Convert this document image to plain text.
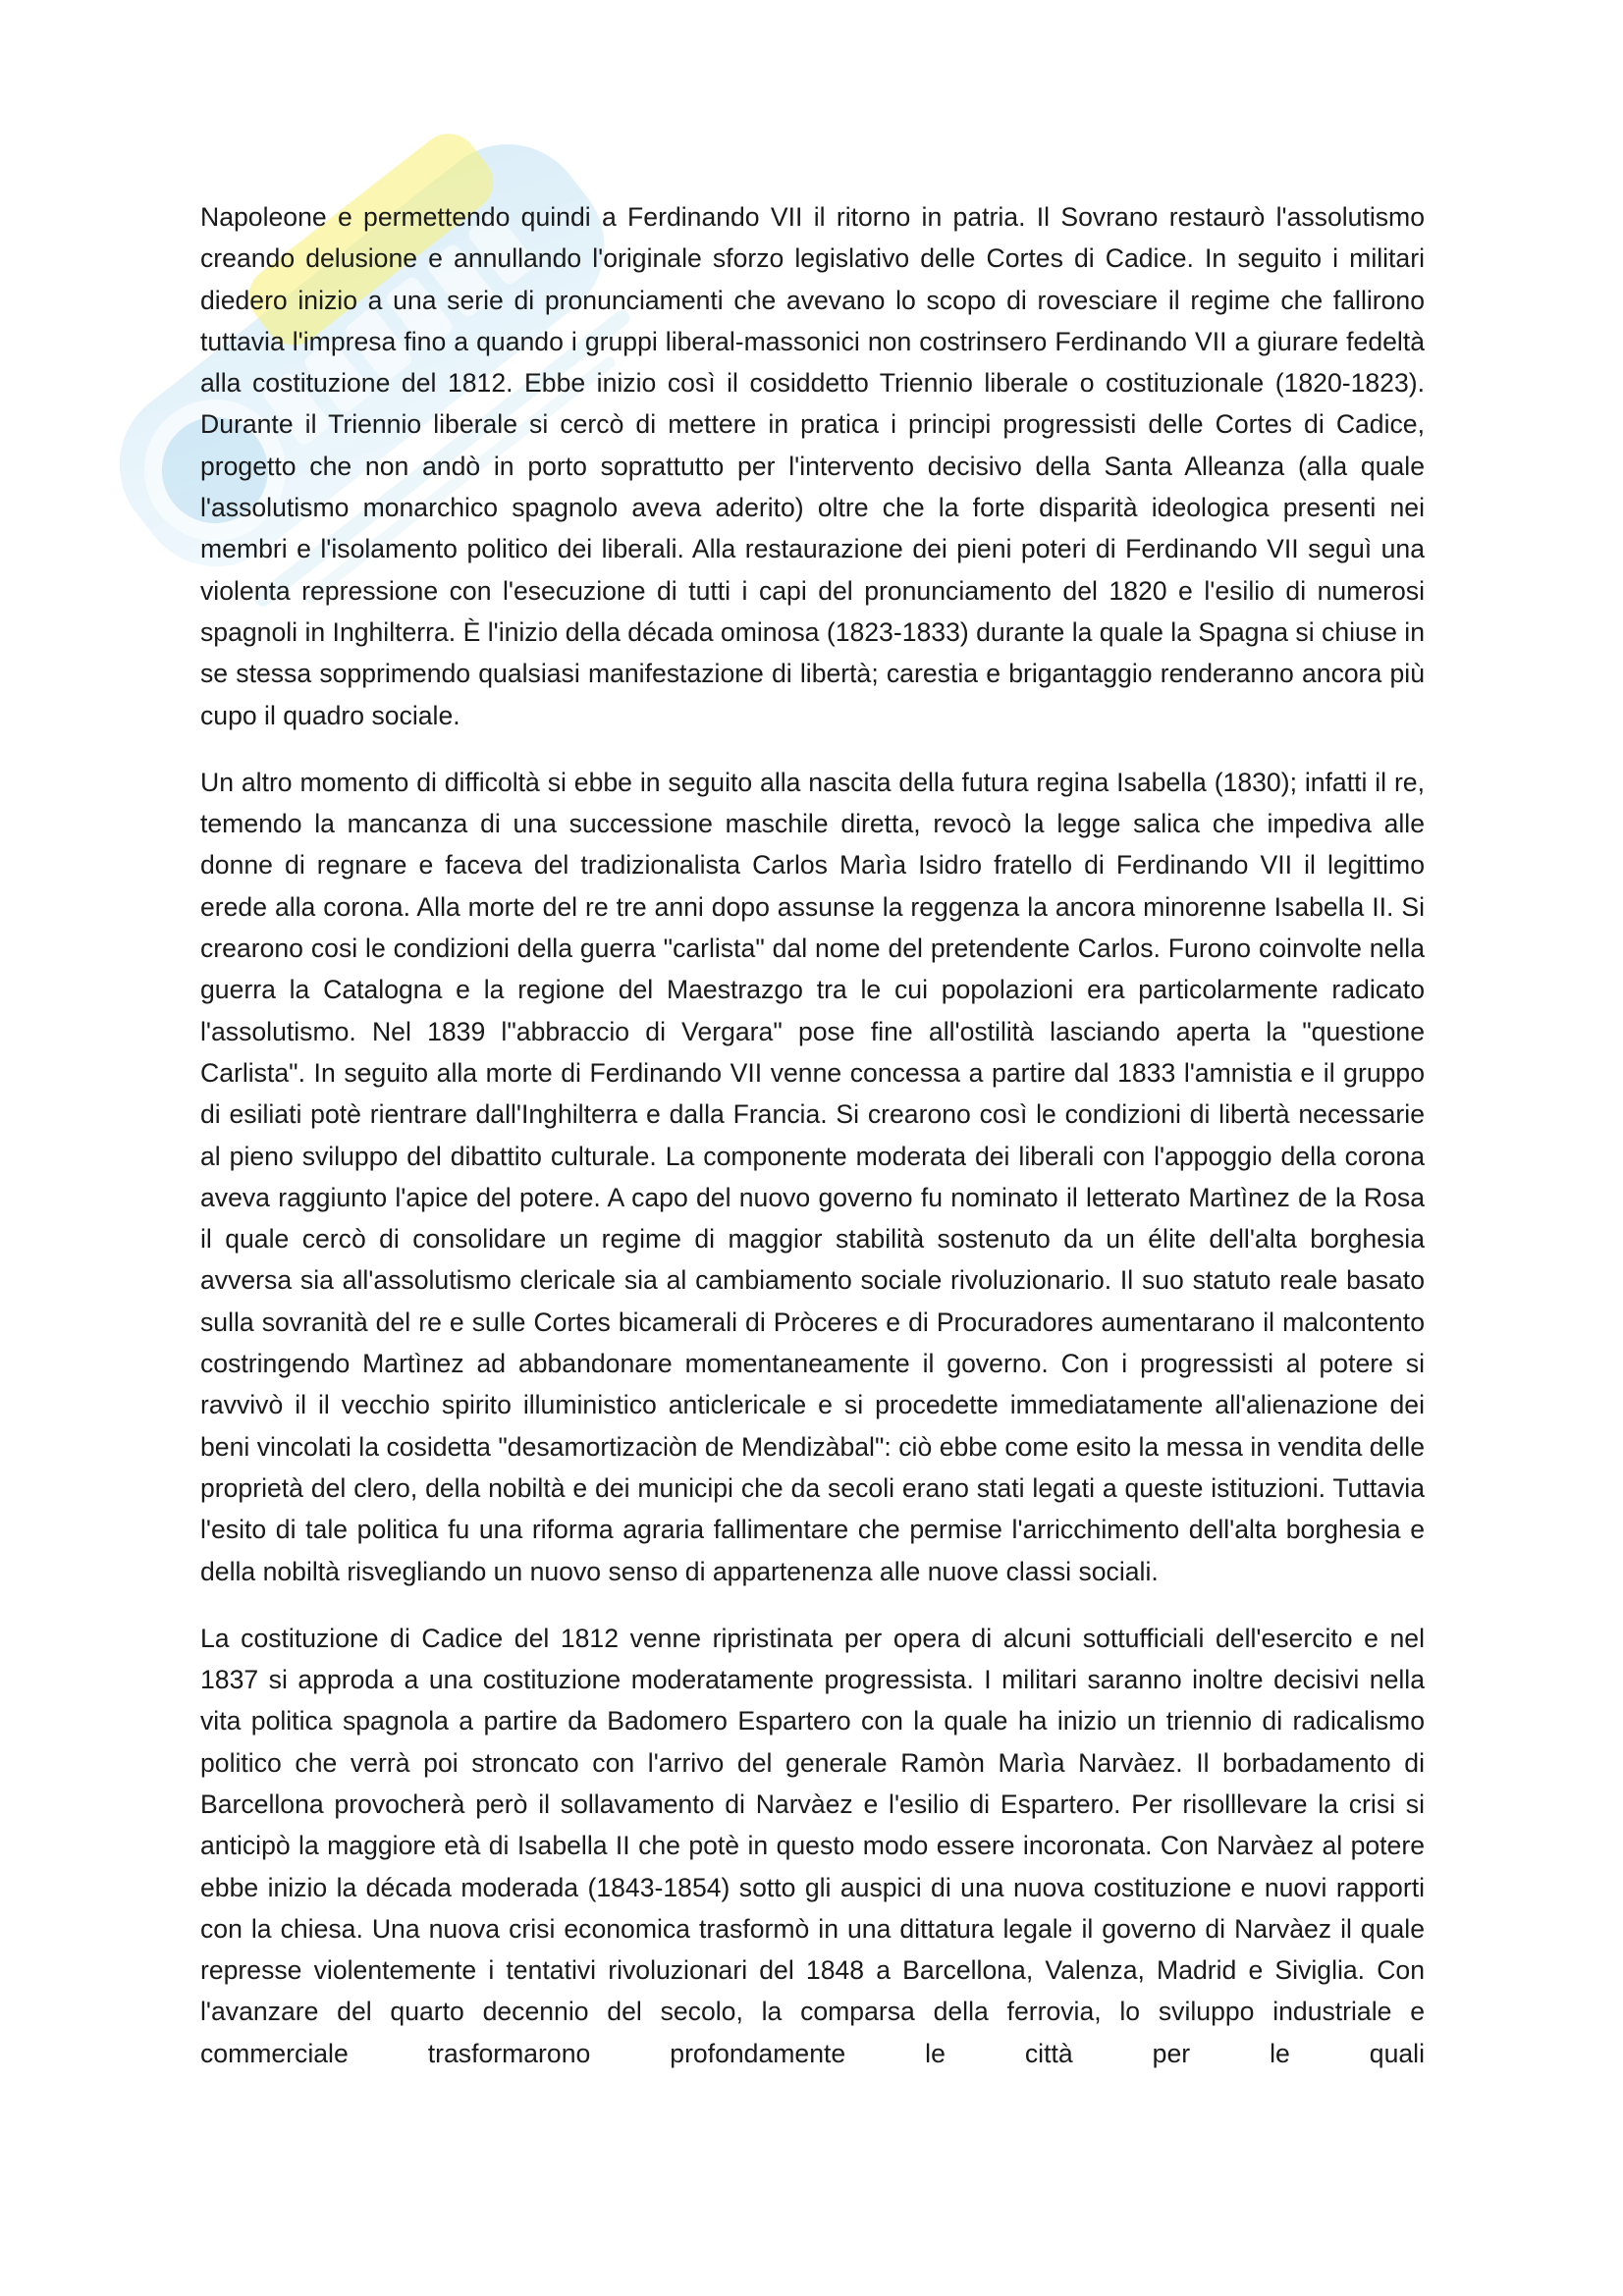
Napoleone e permettendo quindi a Ferdinando VII il ritorno in patria. Il Sovrano restaurò l'assolutismo creando delusione e annullando l'originale sforzo legislativo delle Cortes di Cadice. In seguito i militari diedero inizio a una serie di pronunciamenti che avevano lo scopo di rovesciare il regime che fallirono tuttavia l'impresa fino a quando i gruppi liberal-massonici non costrinsero Ferdinando VII a giurare fedeltà alla costituzione del 1812. Ebbe inizio così il cosiddetto Triennio liberale o costituzionale (1820-1823). Durante il Triennio liberale si cercò di mettere in pratica i principi progressisti delle Cortes di Cadice, progetto che non andò in porto soprattutto per l'intervento decisivo della Santa Alleanza (alla quale l'assolutismo monarchico spagnolo aveva aderito) oltre che la forte disparità ideologica presenti nei membri e l'isolamento politico dei liberali. Alla restaurazione dei pieni poteri di Ferdinando VII seguì una violenta repressione con l'esecuzione di tutti i capi del pronunciamento del 1820 e l'esilio di numerosi spagnoli in Inghilterra. È l'inizio della década ominosa (1823-1833) durante la quale la Spagna si chiuse in se stessa sopprimendo qualsiasi manifestazione di libertà; carestia e brigantaggio renderanno ancora più cupo il quadro sociale.

Un altro momento di difficoltà si ebbe in seguito alla nascita della futura regina Isabella (1830); infatti il re, temendo la mancanza di una successione maschile diretta, revocò la legge salica che impediva alle donne di regnare e faceva del tradizionalista Carlos Marìa Isidro fratello di Ferdinando VII il legittimo erede alla corona. Alla morte del re tre anni dopo assunse la reggenza la ancora minorenne Isabella II. Si crearono cosi le condizioni della guerra "carlista" dal nome del pretendente Carlos. Furono coinvolte nella guerra la Catalogna e la regione del Maestrazgo tra le cui popolazioni era particolarmente radicato l'assolutismo. Nel 1839 l"abbraccio di Vergara" pose fine all'ostilità lasciando aperta la "questione Carlista". In seguito alla morte di Ferdinando VII venne concessa a partire dal 1833 l'amnistia e il gruppo di esiliati potè rientrare dall'Inghilterra e dalla Francia. Si crearono così le condizioni di libertà necessarie al pieno sviluppo del dibattito culturale. La componente moderata dei liberali con l'appoggio della corona aveva raggiunto l'apice del potere. A capo del nuovo governo fu nominato il letterato Martìnez de la Rosa il quale cercò di consolidare un regime di maggior stabilità sostenuto da un élite dell'alta borghesia avversa sia all'assolutismo clericale sia al cambiamento sociale rivoluzionario. Il suo statuto reale basato sulla sovranità del re e sulle Cortes bicamerali di Pròceres e di Procuradores aumentarano il malcontento costringendo Martìnez ad abbandonare momentaneamente il governo. Con i progressisti al potere si ravvivò il il vecchio spirito illuministico anticlericale e si procedette immediatamente all'alienazione dei beni vincolati la cosidetta "desamortizaciòn de Mendizàbal": ciò ebbe come esito la messa in vendita delle proprietà del clero, della nobiltà e dei municipi che da secoli erano stati legati a queste istituzioni. Tuttavia l'esito di tale politica fu una riforma agraria fallimentare che permise l'arricchimento dell'alta borghesia e della nobiltà risvegliando un nuovo senso di appartenenza alle nuove classi sociali.

La costituzione di Cadice del 1812 venne ripristinata per opera di alcuni sottufficiali dell'esercito e nel 1837 si approda a una costituzione moderatamente progressista. I militari saranno inoltre decisivi nella vita politica spagnola a partire da Badomero Espartero con la quale ha inizio un triennio di radicalismo politico che verrà poi stroncato con l'arrivo del generale Ramòn Marìa Narvàez. Il borbadamento di Barcellona provocherà però il sollavamento di Narvàez e l'esilio di Espartero. Per risolllevare la crisi si anticipò la maggiore età di Isabella II che potè in questo modo essere incoronata. Con Narvàez al potere ebbe inizio la década moderada (1843-1854) sotto gli auspici di una nuova costituzione e nuovi rapporti con la chiesa. Una nuova crisi economica trasformò in una dittatura legale il governo di Narvàez il quale represse violentemente i tentativi rivoluzionari del 1848 a Barcellona, Valenza, Madrid e Siviglia. Con l'avanzare del quarto decennio del secolo, la comparsa della ferrovia, lo sviluppo industriale e commerciale trasformarono profondamente le città per le quali
